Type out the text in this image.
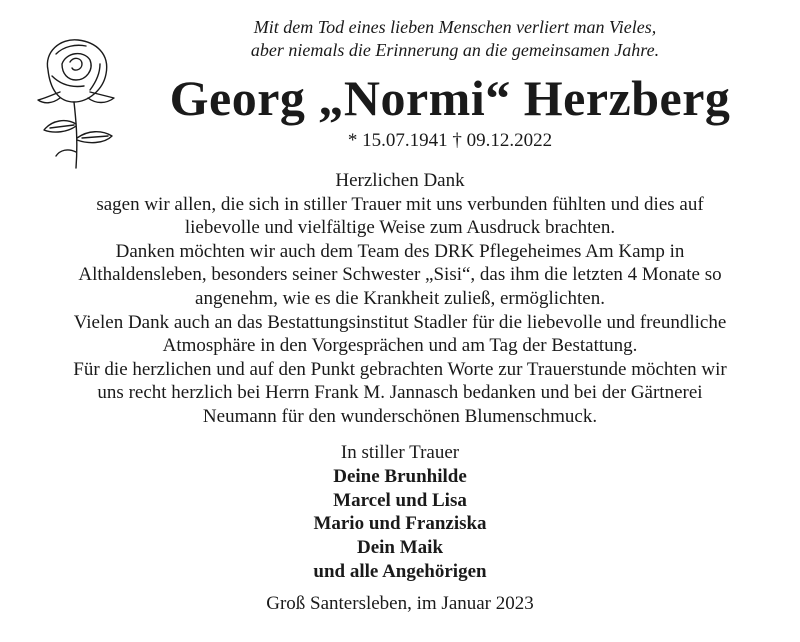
Mit dem Tod eines lieben Menschen verliert man Vieles,
aber niemals die Erinnerung an die gemeinsamen Jahre.
Georg „Normi“ Herzberg
* 15.07.1941 † 09.12.2022
Herzlichen Dank
sagen wir allen, die sich in stiller Trauer mit uns verbunden fühlten und dies auf
liebevolle und vielfältige Weise zum Ausdruck brachten.
Danken möchten wir auch dem Team des DRK Pflegeheimes Am Kamp in
Althaldensleben, besonders seiner Schwester „Sisi“, das ihm die letzten 4 Monate so
angenehm, wie es die Krankheit zuließ, ermöglichten.
Vielen Dank auch an das Bestattungsinstitut Stadler für die liebevolle und freundliche
Atmosphäre in den Vorgesprächen und am Tag der Bestattung.
Für die herzlichen und auf den Punkt gebrachten Worte zur Trauerstunde möchten wir
uns recht herzlich bei Herrn Frank M. Jannasch bedanken und bei der Gärtnerei
Neumann für den wunderschönen Blumenschmuck.
In stiller Trauer
Deine Brunhilde
Marcel und Lisa
Mario und Franziska
Dein Maik
und alle Angehörigen
Groß Santersleben, im Januar 2023
